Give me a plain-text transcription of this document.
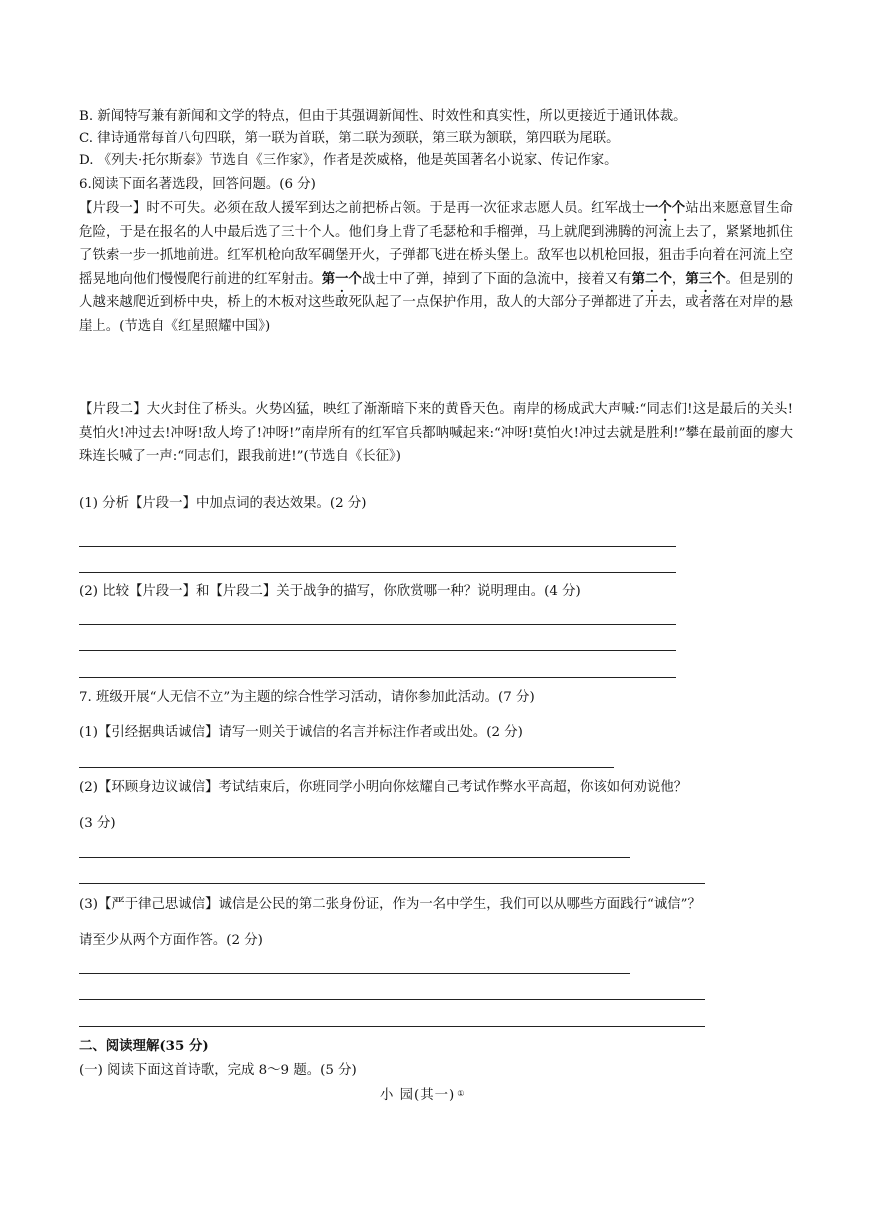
B. 新闻特写兼有新闻和文学的特点，但由于其强调新闻性、时效性和真实性，所以更接近于通讯体裁。
C. 律诗通常每首八句四联，第一联为首联，第二联为颈联，第三联为颔联，第四联为尾联。
D. 《列夫·托尔斯泰》节选自《三作家》，作者是茨威格，他是英国著名小说家、传记作家。
6.阅读下面名著选段，回答问题。(6 分)
【片段一】时不可失。必须在敌人援军到达之前把桥占领。于是再一次征求志愿人员。红军战士一个个站出来愿意冒生命危险，于是在报名的人中最后选了三十个人。他们身上背了毛瑟枪和手榴弹，马上就爬到沸腾的河流上去了，紧紧地抓住了铁索一步一抓地前进。红军机枪向敌军碉堡开火，子弹都飞进在桥头堡上。敌军也以机枪回报，狙击手向着在河流上空摇晃地向他们慢慢爬行前进的红军射击。第一个战士中了弹，掉到了下面的急流中，接着又有第二个，第三个。但是别的人越来越爬近到桥中央，桥上的木板对这些敢死队起了一点保护作用，敌人的大部分子弹都进了开去，或者落在对岸的悬崖上。(节选自《红星照耀中国》)
【片段二】大火封住了桥头。火势凶猛，映红了渐渐暗下来的黄昏天色。南岸的杨成武大声喊:“同志们!这是最后的关头!莫怕火!冲过去!冲呀!敌人垮了!冲呀!”南岸所有的红军官兵都呐喊起来:“冲呀!莫怕火!冲过去就是胜利!”攀在最前面的廖大珠连长喊了一声:“同志们，跟我前进!”(节选自《长征》)
(1) 分析【片段一】中加点词的表达效果。(2 分)
(2) 比较【片段一】和【片段二】关于战争的描写，你欣赏哪一种？说明理由。(4 分)
7. 班级开展“人无信不立”为主题的综合性学习活动，请你参加此活动。(7 分)
(1)【引经据典话诚信】请写一则关于诚信的名言并标注作者或出处。(2 分)
(2)【环顾身边议诚信】考试结束后，你班同学小明向你炫耀自己考试作弊水平高超，你该如何劝说他？
(3 分)
(3)【严于律己思诚信】诚信是公民的第二张身份证，作为一名中学生，我们可以从哪些方面践行“诚信”？
请至少从两个方面作答。(2 分)
二、阅读理解(35 分)
(一) 阅读下面这首诗歌，完成 8～9 题。(5 分)
小 园(其一) ①
